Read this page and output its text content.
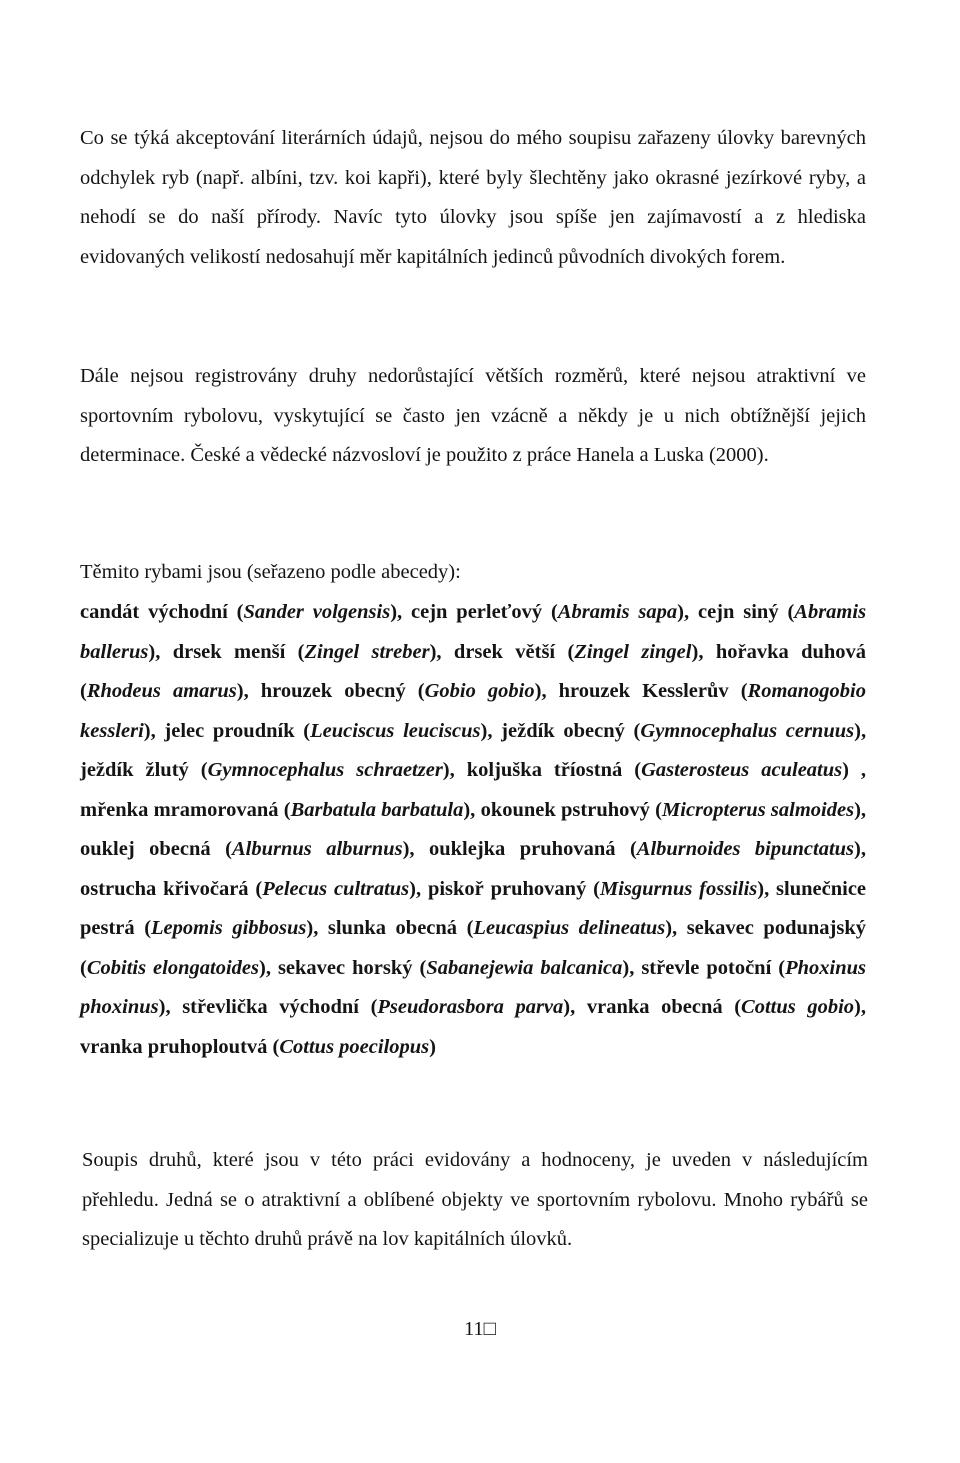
Co se týká akceptování literárních údajů, nejsou do mého soupisu zařazeny úlovky barevných odchylek ryb (např. albíni, tzv. koi kapři), které byly šlechtěny jako okrasné jezírkové ryby, a nehodí se do naší přírody. Navíc tyto úlovky jsou spíše jen zajímavostí a z hlediska evidovaných velikostí nedosahují měr kapitálních jedinců původních divokých forem.

Dále nejsou registrovány druhy nedorůstající větších rozměrů, které nejsou atraktivní ve sportovním rybolovu, vyskytující se často jen vzácně a někdy je u nich obtížnější jejich determinace. České a vědecké názvosloví je použito z práce Hanela a Luska (2000).

Těmito rybami jsou (seřazeno podle abecedy):

candát východní (Sander volgensis), cejn perleťový (Abramis sapa), cejn siný (Abramis ballerus), drsek menší (Zingel streber), drsek větší (Zingel zingel), hořavka duhová (Rhodeus amarus), hrouzek obecný (Gobio gobio), hrouzek Kesslerův (Romanogobio kessleri), jelec proudník (Leuciscus leuciscus), ježdík obecný (Gymnocephalus cernuus), ježdík žlutý (Gymnocephalus schraetzer), koljuška tříostná (Gasterosteus aculeatus) , mřenka mramorovaná (Barbatula barbatula), okounek pstruhový (Micropterus salmoides), ouklej obecná (Alburnus alburnus), ouklejka pruhovaná (Alburnoides bipunctatus), ostrucha křivočará (Pelecus cultratus), piskoř pruhovaný (Misgurnus fossilis), slunečnice pestrá (Lepomis gibbosus), slunka obecná (Leucaspius delineatus), sekavec podunajský (Cobitis elongatoides), sekavec horský (Sabanejewia balcanica), střevle potoční (Phoxinus phoxinus), střevlička východní (Pseudorasbora parva), vranka obecná (Cottus gobio), vranka pruhoploutvá (Cottus poecilopus)

Soupis druhů, které jsou v této práci evidovány a hodnoceny, je uveden v následujícím přehledu. Jedná se o atraktivní a oblíbené objekty ve sportovním rybolovu. Mnoho rybářů se specializuje u těchto druhů právě na lov kapitálních úlovků.

11□
